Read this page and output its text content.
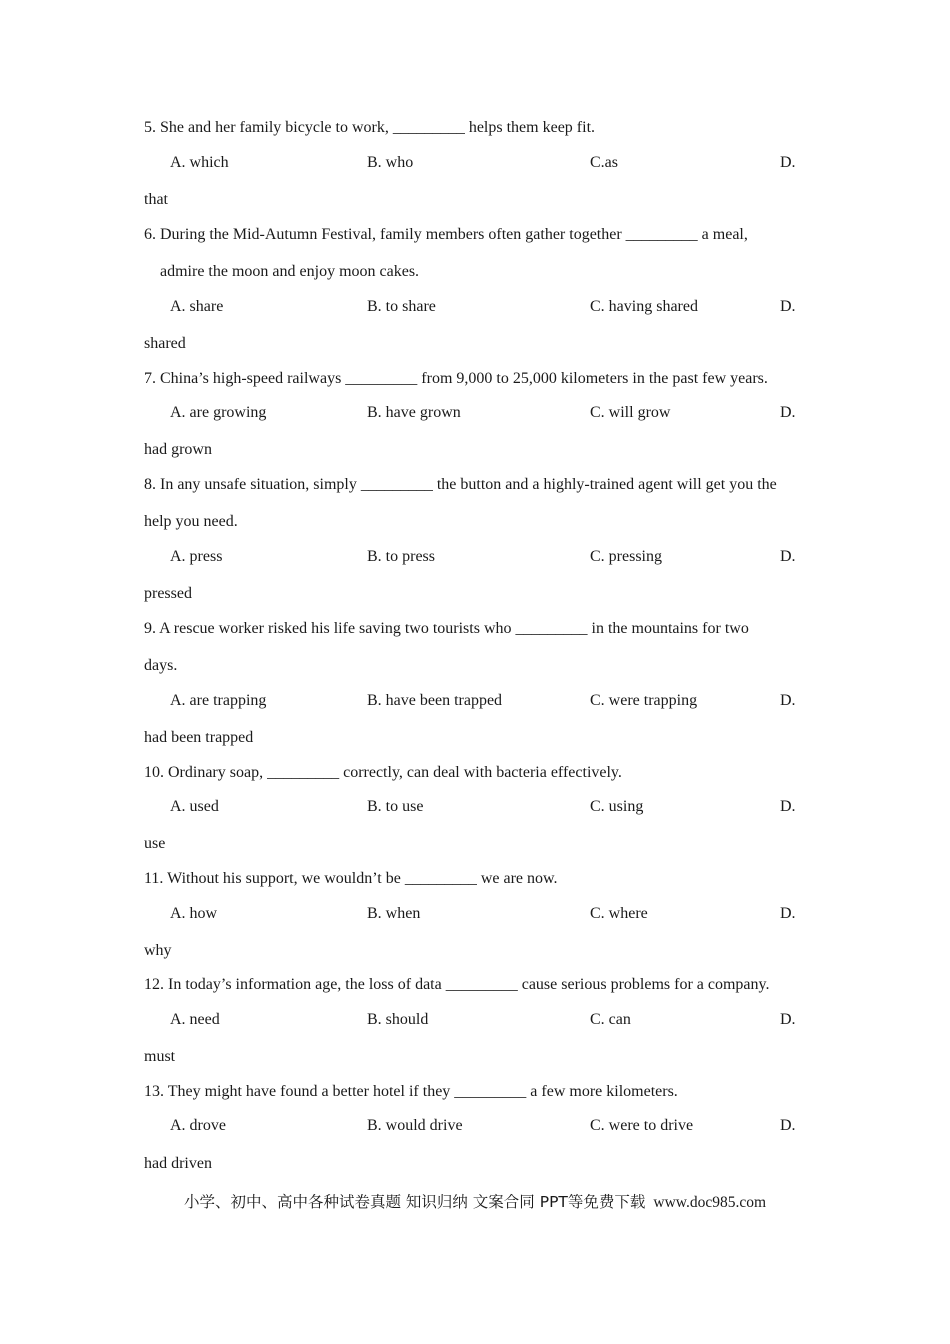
5. She and her family bicycle to work, _________ helps them keep fit.
A. which	B. who	C.as	D.
that
6. During the Mid-Autumn Festival, family members often gather together _________ a meal,
admire the moon and enjoy moon cakes.
A. share	B. to share	C. having shared	D.
shared
7. China’s high-speed railways _________ from 9,000 to 25,000 kilometers in the past few years.
A. are growing	B. have grown	C. will grow	D.
had grown
8. In any unsafe situation, simply _________ the button and a highly-trained agent will get you the
help you need.
A. press	B. to press	C. pressing	D.
pressed
9. A rescue worker risked his life saving two tourists who _________ in the mountains for two
days.
A. are trapping	B. have been trapped	C. were trapping	D.
had been trapped
10. Ordinary soap, _________ correctly, can deal with bacteria effectively.
A. used	B. to use	C. using	D.
use
11. Without his support, we wouldn’t be _________ we are now.
A. how	B. when	C. where	D.
why
12. In today’s information age, the loss of data _________ cause serious problems for a company.
A. need	B. should	C. can	D.
must
13. They might have found a better hotel if they _________ a few more kilometers.
A. drove	B. would drive	C. were to drive	D.
had driven
小学、初中、高中各种试卷真题 知识归纳 文案合同 PPT等免费下载 www.doc985.com
